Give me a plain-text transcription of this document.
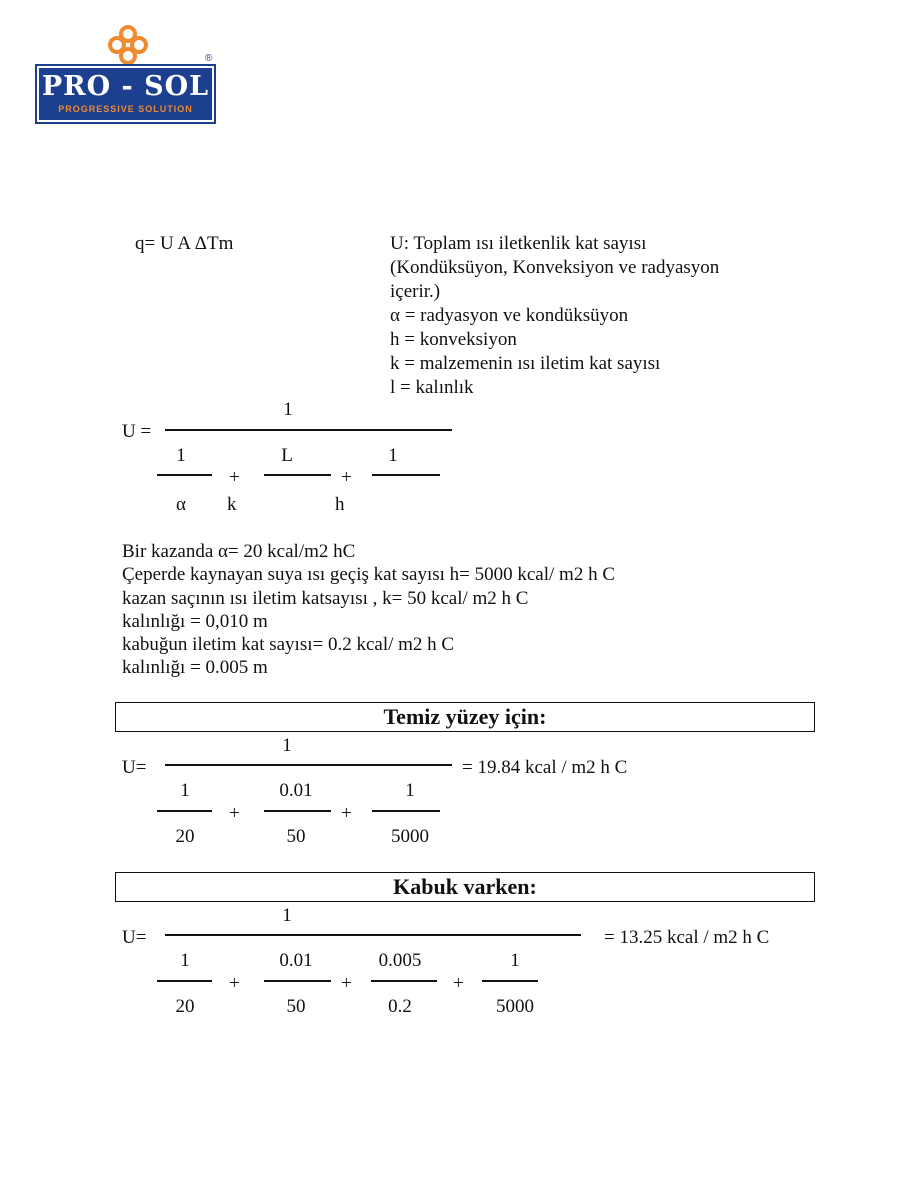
®
PRO - SOL
PROGRESSIVE SOLUTION
q= U A ΔTm	U: Toplam ısı iletkenlik kat sayısı
(Kondüksüyon, Konveksiyon ve radyasyon
içerir.)
α = radyasyon ve kondüksüyon
h = konveksiyon
k = malzemenin ısı iletim kat sayısı
l = kalınlık
U =
1
1
α
+
k
L
+
h
1
Bir kazanda α= 20 kcal/m2 hC
Çeperde kaynayan suya ısı geçiş kat sayısı h= 5000 kcal/ m2 h C
kazan saçının ısı iletim katsayısı , k= 50 kcal/ m2 h C
kalınlığı = 0,010 m
kabuğun iletim kat sayısı= 0.2 kcal/ m2 h C
kalınlığı = 0.005 m
Temiz yüzey için:
U=
1
= 19.84 kcal / m2 h C
1
20
+
0.01
50
+
1
5000
Kabuk varken:
U=
1
= 13.25 kcal / m2 h C
1
20
+
0.01
50
+
0.005
0.2
+
1
5000
